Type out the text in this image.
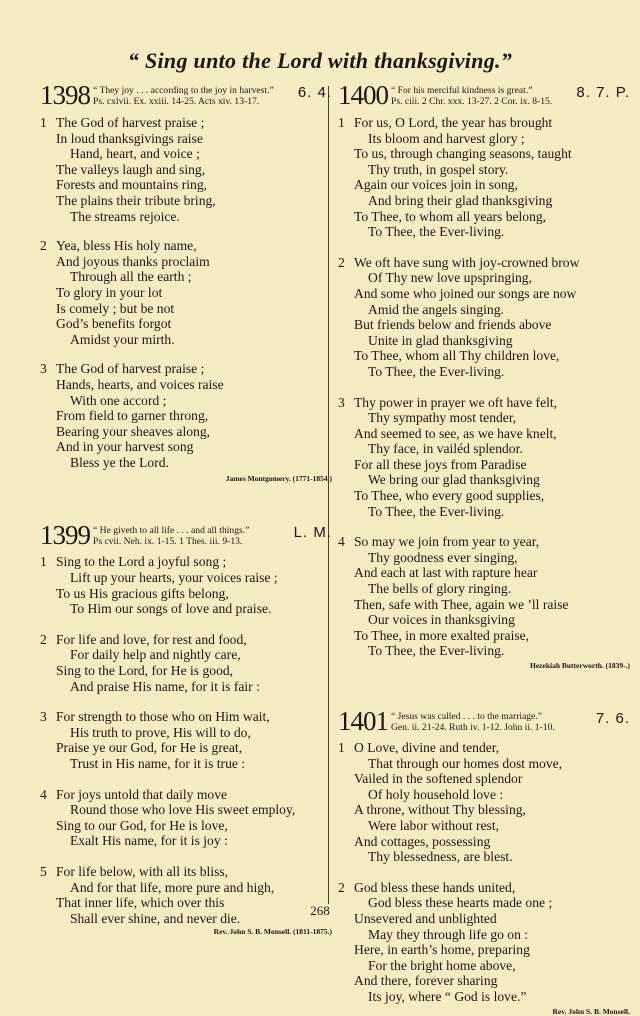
“ Sing unto the Lord with thanksgiving.”
1398 “ They joy . . . according to the joy in harvest.”
Ps. cxlvii. Ex. xxiii. 14-25. Acts xiv. 13-17.
6. 4.
1 The God of harvest praise ;
In loud thanksgivings raise
Hand, heart, and voice ;
The valleys laugh and sing,
Forests and mountains ring,
The plains their tribute bring,
The streams rejoice.
2 Yea, bless His holy name,
And joyous thanks proclaim
Through all the earth ;
To glory in your lot
Is comely ; but be not
God’s benefits forgot
Amidst your mirth.
3 The God of harvest praise ;
Hands, hearts, and voices raise
With one accord ;
From field to garner throng,
Bearing your sheaves along,
And in your harvest song
Bless ye the Lord.
James Montgomery. (1771-1854.)
1399 “ He giveth to all life . . . and all things.”
Ps cvii. Neh. ix. 1-15. 1 Thes. iii. 9-13.
L. M.
1 Sing to the Lord a joyful song ;
Lift up your hearts, your voices raise ;
To us His gracious gifts belong,
To Him our songs of love and praise.
2 For life and love, for rest and food,
For daily help and nightly care,
Sing to the Lord, for He is good,
And praise His name, for it is fair :
3 For strength to those who on Him wait,
His truth to prove, His will to do,
Praise ye our God, for He is great,
Trust in His name, for it is true :
4 For joys untold that daily move
Round those who love His sweet employ,
Sing to our God, for He is love,
Exalt His name, for it is joy :
5 For life below, with all its bliss,
And for that life, more pure and high,
That inner life, which over this
Shall ever shine, and never die.
Rev. John S. B. Monsell. (1811-1875.)
1400 “ For his merciful kindness is great.”
Ps. ciii. 2 Chr. xxx. 13-27. 2 Cor. ix. 8-15.
8. 7. P.
1 For us, O Lord, the year has brought
Its bloom and harvest glory ;
To us, through changing seasons, taught
Thy truth, in gospel story.
Again our voices join in song,
And bring their glad thanksgiving
To Thee, to whom all years belong,
To Thee, the Ever-living.
2 We oft have sung with joy-crowned brow
Of Thy new love upspringing,
And some who joined our songs are now
Amid the angels singing.
But friends below and friends above
Unite in glad thanksgiving
To Thee, whom all Thy children love,
To Thee, the Ever-living.
3 Thy power in prayer we oft have felt,
Thy sympathy most tender,
And seemed to see, as we have knelt,
Thy face, in vailéd splendor.
For all these joys from Paradise
We bring our glad thanksgiving
To Thee, who every good supplies,
To Thee, the Ever-living.
4 So may we join from year to year,
Thy goodness ever singing,
And each at last with rapture hear
The bells of glory ringing.
Then, safe with Thee, again we ’ll raise
Our voices in thanksgiving
To Thee, in more exalted praise,
To Thee, the Ever-living.
Hezekiah Butterworth. (1839-.)
1401 “ Jesus was called . . . to the marriage.”
Gen. ii. 21-24. Ruth iv. 1-12. John ii. 1-10.
7. 6.
1 O Love, divine and tender,
That through our homes dost move,
Vailed in the softened splendor
Of holy household love :
A throne, without Thy blessing,
Were labor without rest,
And cottages, possessing
Thy blessedness, are blest.
2 God bless these hands united,
God bless these hearts made one ;
Unsevered and unblighted
May they through life go on :
Here, in earth’s home, preparing
For the bright home above,
And there, forever sharing
Its joy, where “ God is love.”
Rev. John S. B. Monsell.
268
